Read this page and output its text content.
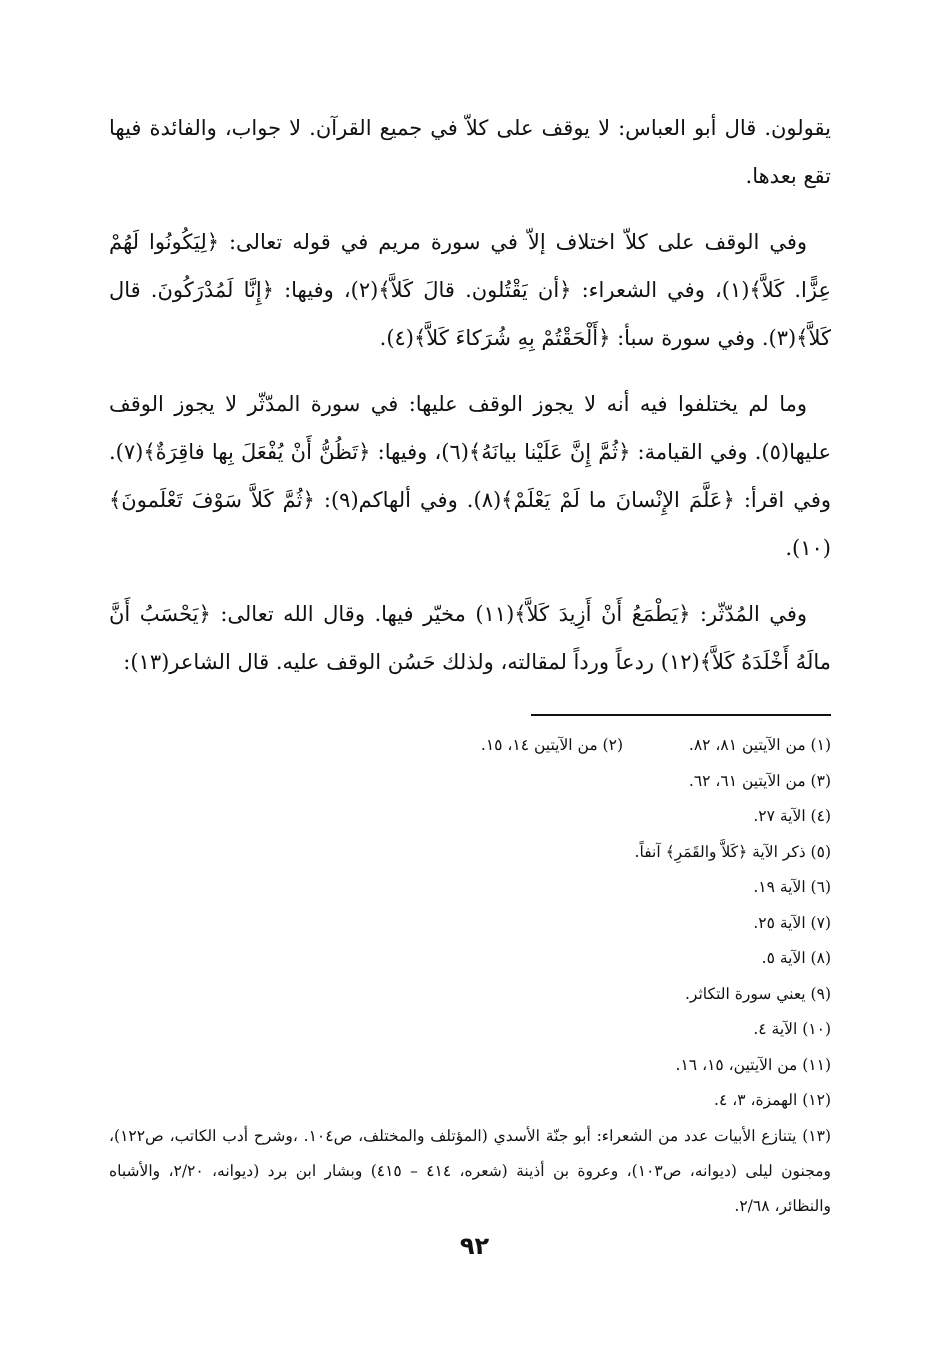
يقولون. قال أبو العباس: لا يوقف على كلاّ في جميع القرآن. لا جواب، والفائدة فيها تقع بعدها.

وفي الوقف على كلاّ اختلاف إلاّ في سورة مريم في قوله تعالى: ﴿لِيَكُونُوا لَهُمْ عِزًّا. كَلاَّ﴾(١)، وفي الشعراء: ﴿أن يَقْتُلون. قالَ كَلاَّ﴾(٢)، وفيها: ﴿إِنَّا لَمُدْرَكُونَ. قال كَلاَّ﴾(٣). وفي سورة سبأ: ﴿أَلْحَقْتُمْ بِهِ شُرَكاءَ كَلاَّ﴾(٤).

وما لم يختلفوا فيه أنه لا يجوز الوقف عليها: في سورة المدّثّر لا يجوز الوقف عليها(٥). وفي القيامة: ﴿ثُمَّ إِنَّ عَلَيْنا بيانَهُ﴾(٦)، وفيها: ﴿تَظُنُّ أَنْ يُفْعَلَ بِها فاقِرَةٌ﴾(٧). وفي اقرأ: ﴿عَلَّمَ الإِنْسانَ ما لَمْ يَعْلَمْ﴾(٨). وفي ألهاكم(٩): ﴿ثُمَّ كَلاَّ سَوْفَ تَعْلَمونَ﴾(١٠).

وفي المُدّثّر: ﴿يَطْمَعُ أَنْ أَزِيدَ كَلاَّ﴾(١١) مخيّر فيها. وقال الله تعالى: ﴿يَحْسَبُ أَنَّ مالَهُ أَخْلَدَهُ كَلاَّ﴾(١٢) ردعاً ورداً لمقالته، ولذلك حَسُن الوقف عليه. قال الشاعر(١٣):

(١) من الآيتين ٨١، ٨٢.
(٢) من الآيتين ١٤، ١٥.
(٣) من الآيتين ٦١، ٦٢.
(٤) الآية ٢٧.
(٥) ذكر الآية ﴿كَلاَّ والقَمَرِ﴾ آنفاً.
(٦) الآية ١٩.
(٧) الآية ٢٥.
(٨) الآية ٥.
(٩) يعني سورة التكاثر.
(١٠) الآية ٤.
(١١) من الآيتين، ١٥، ١٦.
(١٢) الهمزة، ٣، ٤.
(١٣) يتنازع الأبيات عدد من الشعراء: أبو جنّة الأسدي (المؤتلف والمختلف، ص١٠٤. ،وشرح أدب الكاتب، ص١٢٢)، ومجنون ليلى (ديوانه، ص١٠٣)، وعروة بن أذينة (شعره، ٤١٤ – ٤١٥) وبشار ابن برد (ديوانه، ٢/٢٠، والأشباه والنظائر، ٢/٦٨.
٩٢
